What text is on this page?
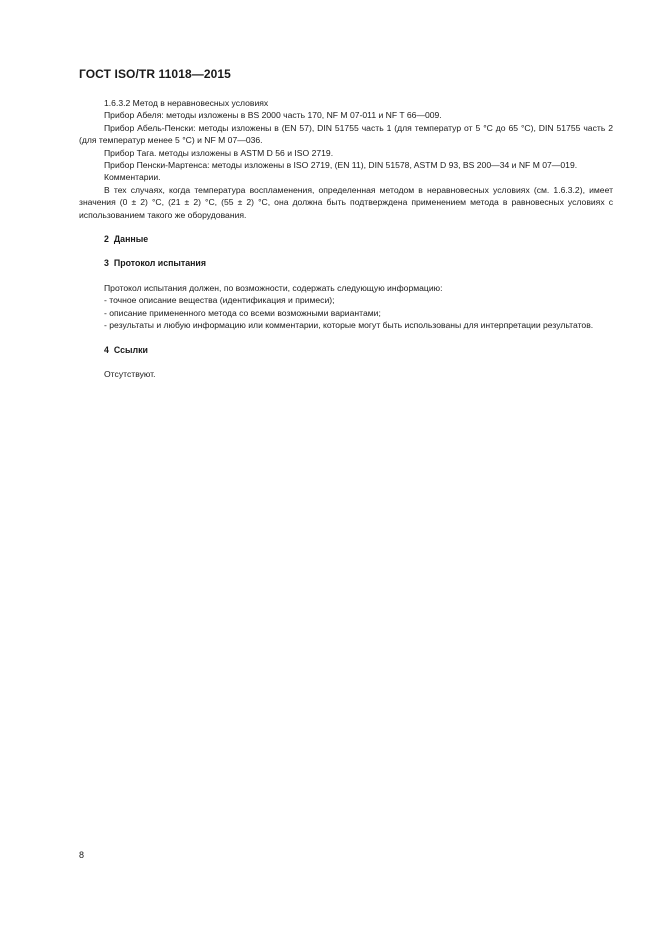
ГОСТ ISO/TR 11018—2015

1.6.3.2 Метод в неравновесных условиях

Прибор Абеля: методы изложены в BS 2000 часть 170, NF M 07-011 и NF T 66—009.

Прибор Абель-Пенски: методы изложены в (EN 57), DIN 51755 часть 1 (для температур от 5 °С до 65 °С), DIN 51755 часть 2 (для температур менее 5 °С) и NF M 07—036.

Прибор Тага. методы изложены в ASTM D 56 и ISO 2719.

Прибор Пенски-Мартенса: методы изложены в ISO 2719, (EN 11), DIN 51578, ASTM D 93, BS 200—34 и NF M 07—019.

Комментарии.

В тех случаях, когда температура воспламенения, определенная методом в неравновесных условиях (см. 1.6.3.2), имеет значения (0 ± 2) °С, (21 ± 2) °С, (55 ± 2) °С, она должна быть подтверждена применением метода в равновесных условиях с использованием такого же оборудования.

2 Данные
3 Протокол испытания

Протокол испытания должен, по возможности, содержать следующую информацию:

- точное описание вещества (идентификация и примеси);

- описание примененного метода со всеми возможными вариантами;

- результаты и любую информацию или комментарии, которые могут быть использованы для интерпретации результатов.

4 Ссылки

Отсутствуют.

8
